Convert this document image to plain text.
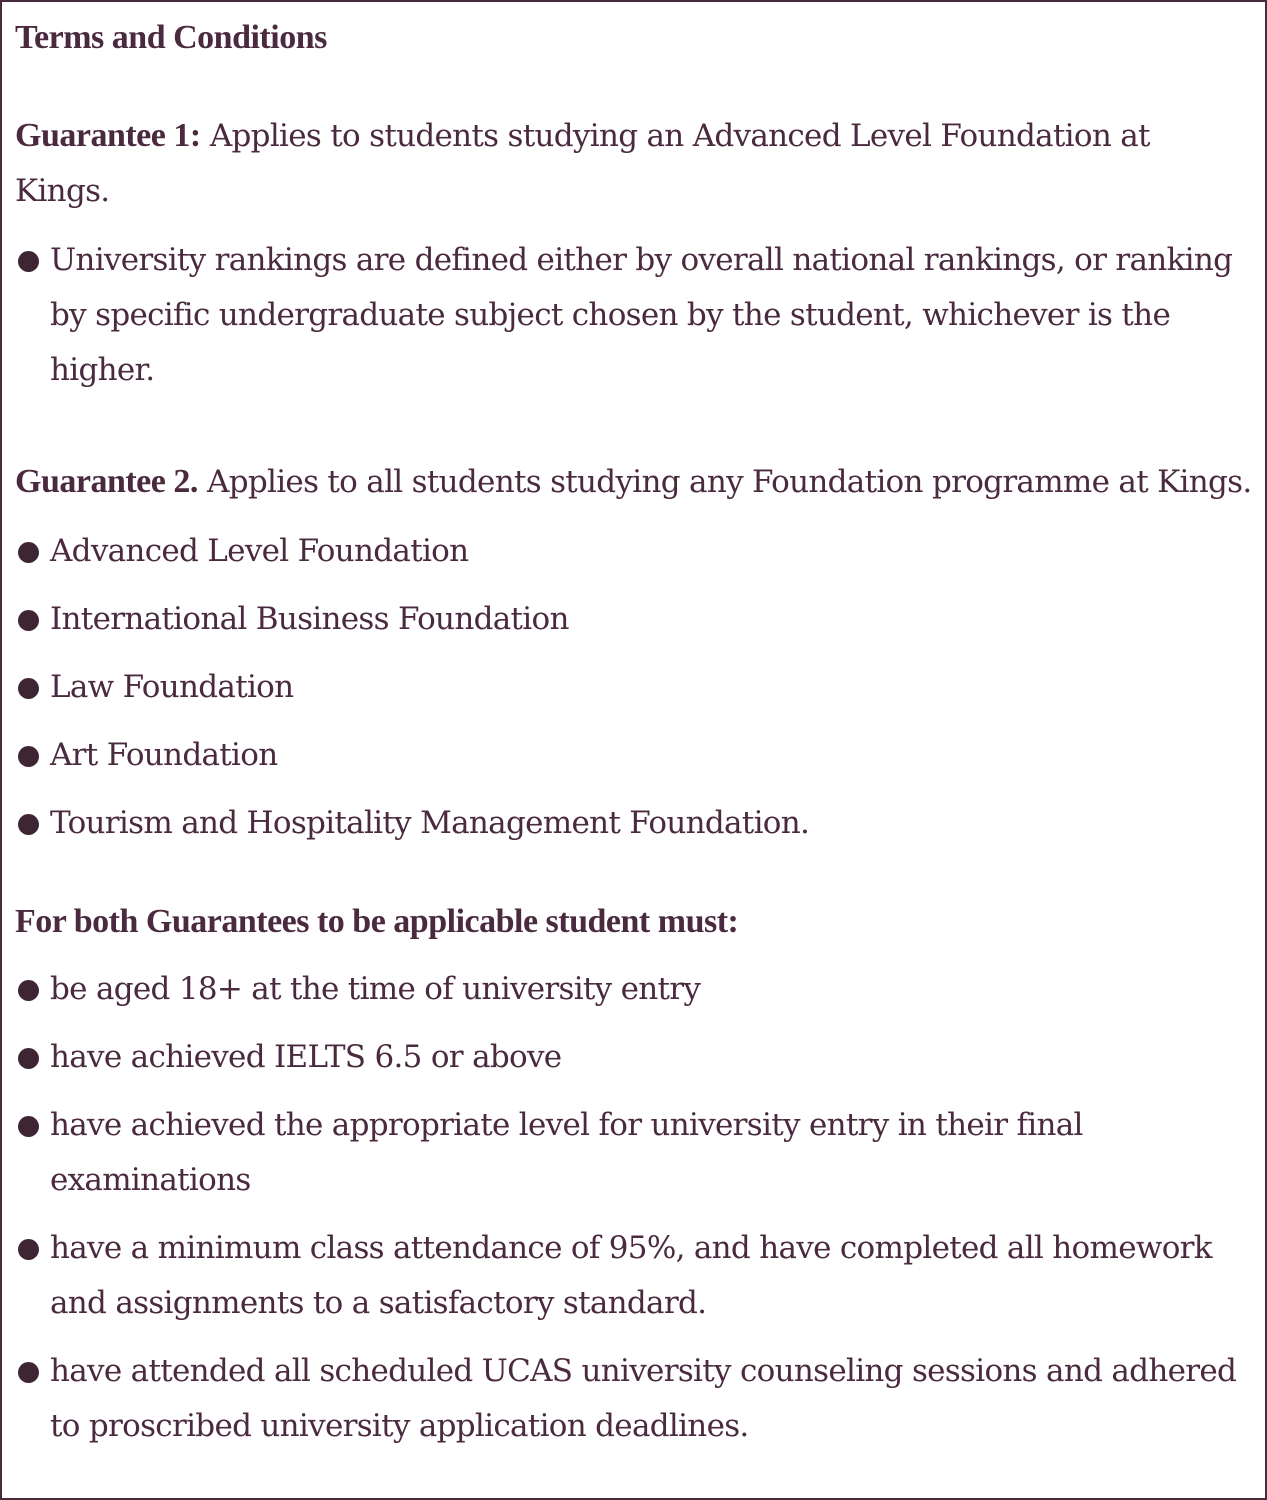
Terms and Conditions

Guarantee 1: Applies to students studying an Advanced Level Foundation at Kings.

University rankings are defined either by overall national rankings, or ranking by specific undergraduate subject chosen by the student, whichever is the higher.

Guarantee 2. Applies to all students studying any Foundation programme at Kings.

Advanced Level Foundation
International Business Foundation
Law Foundation
Art Foundation
Tourism and Hospitality Management Foundation.
For both Guarantees to be applicable student must:
be aged 18+ at the time of university entry
have achieved IELTS 6.5 or above
have achieved the appropriate level for university entry in their final examinations
have a minimum class attendance of 95%, and have completed all homework and assignments to a satisfactory standard.
have attended all scheduled UCAS university counseling sessions and adhered to proscribed university application deadlines.
